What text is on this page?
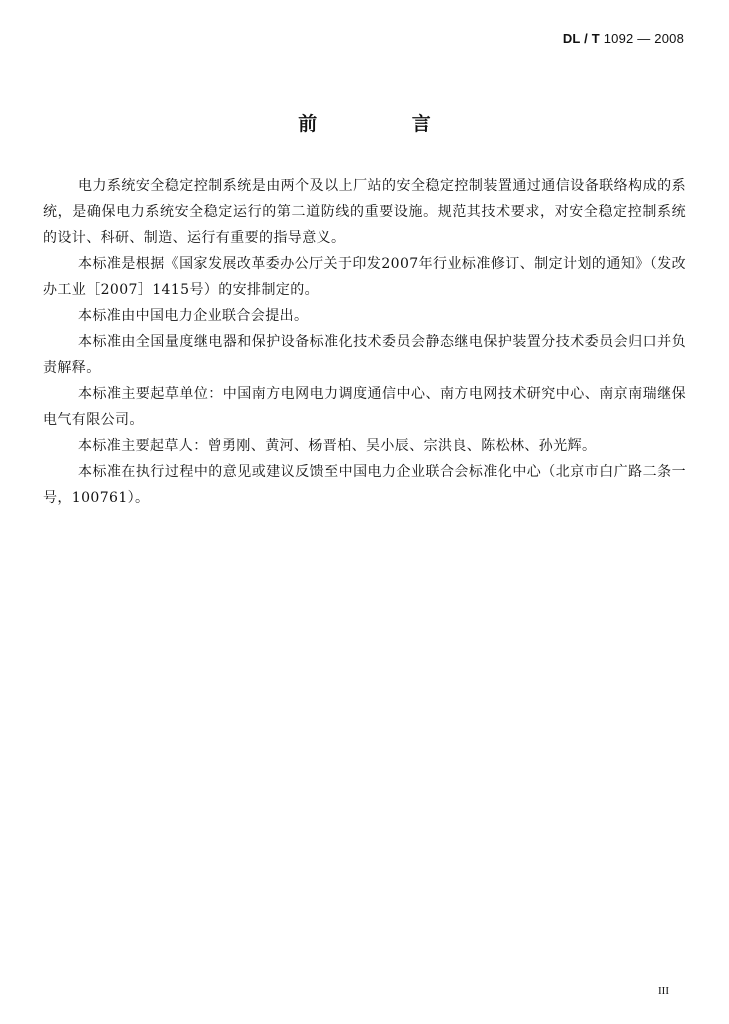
DL / T 1092 — 2008
前 言

电力系统安全稳定控制系统是由两个及以上厂站的安全稳定控制装置通过通信设备联络构成的系统，是确保电力系统安全稳定运行的第二道防线的重要设施。规范其技术要求，对安全稳定控制系统的设计、科研、制造、运行有重要的指导意义。

本标准是根据《国家发展改革委办公厅关于印发2007年行业标准修订、制定计划的通知》（发改办工业［2007］1415号）的安排制定的。

本标准由中国电力企业联合会提出。

本标准由全国量度继电器和保护设备标准化技术委员会静态继电保护装置分技术委员会归口并负责解释。

本标准主要起草单位：中国南方电网电力调度通信中心、南方电网技术研究中心、南京南瑞继保电气有限公司。

本标准主要起草人：曾勇刚、黄河、杨晋柏、吴小辰、宗洪良、陈松林、孙光辉。

本标准在执行过程中的意见或建议反馈至中国电力企业联合会标准化中心（北京市白广路二条一号，100761）。

III
